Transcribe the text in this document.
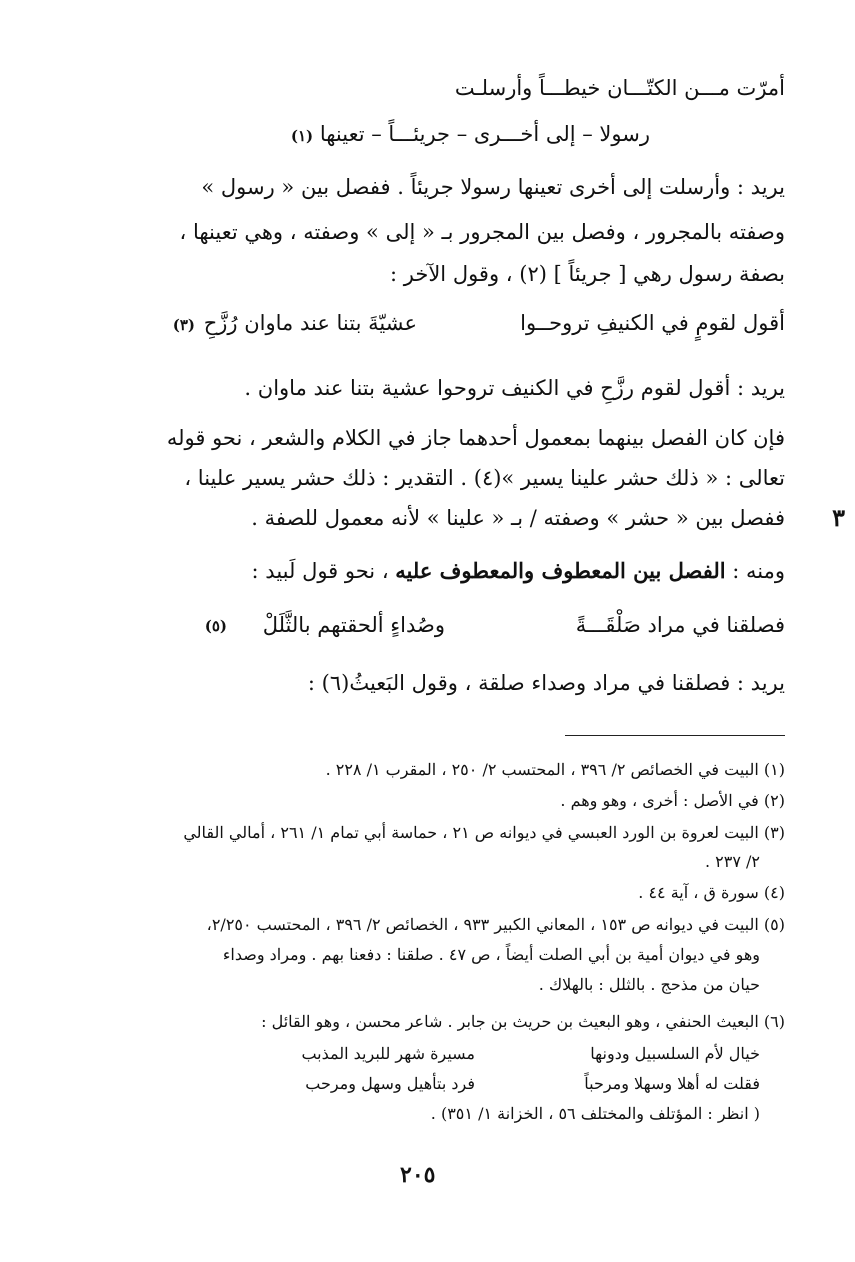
أمرّت مـــن الكتّـــان خيطـــاً وأرسلـت
رسولا – إلى أخـــرى – جريئـــاً – تعينها (١)
يريد : وأرسلت إلى أخرى تعينها رسولا جريئاً . ففصل بين « رسول »
وصفته بالمجرور ، وفصل بين المجرور بـ « إلى » وصفته ، وهي تعينها ،
بصفة رسول رهي [ جريئاً ] (٢) ، وقول الآخر :
أقول لقومٍ في الكنيفِ تروحــوا
عشيّةَ بتنا عند ماوان رُزَّحِ
(٣)
يريد : أقول لقوم رزَّحِ في الكنيف تروحوا عشية بتنا عند ماوان .
فإن كان الفصل بينهما بمعمول أحدهما جاز في الكلام والشعر ، نحو قوله
تعالى : « ذلك حشر علينا يسير »(٤) . التقدير : ذلك حشر يسير علينا ،
ففصل بين « حشر » وصفته / بـ « علينا » لأنه معمول للصفة . ٣
ومنه : الفصل بين المعطوف والمعطوف عليه ، نحو قول لَبيد :
فصلقنا في مراد صَلْقَـــةً
وصُداءٍ ألحقتهم بالثَّلَلْ
(٥)
يريد : فصلقنا في مراد وصداء صلقة ، وقول البَعيثُ(٦) :
(١) البيت في الخصائص ٢/ ٣٩٦ ، المحتسب ٢/ ٢٥٠ ، المقرب ١/ ٢٢٨ .
(٢) في الأصل : أخرى ، وهو وهم .
(٣) البيت لعروة بن الورد العبسي في ديوانه ص ٢١ ، حماسة أبي تمام ١/ ٢٦١ ، أمالي القالي
٢/ ٢٣٧ .
(٤) سورة ق ، آية ٤٤ .
(٥) البيت في ديوانه ص ١٥٣ ، المعاني الكبير ٩٣٣ ، الخصائص ٢/ ٣٩٦ ، المحتسب ٢/٢٥٠،
وهو في ديوان أمية بن أبي الصلت أيضاً ، ص ٤٧ . صلقنا : دفعنا بهم . ومراد وصداء
حيان من مذحج . بالثلل : بالهلاك .
(٦) البعيث الحنفي ، وهو البعيث بن حريث بن جابر . شاعر محسن ، وهو القائل :
خيال لأم السلسبيل ودونها
مسيرة شهر للبريد المذبب
فقلت له أهلا وسهلا ومرحباً
فرد بتأهيل وسهل ومرحب
( انظر : المؤتلف والمختلف ٥٦ ، الخزانة ١/ ٣٥١) .
٢٠٥
